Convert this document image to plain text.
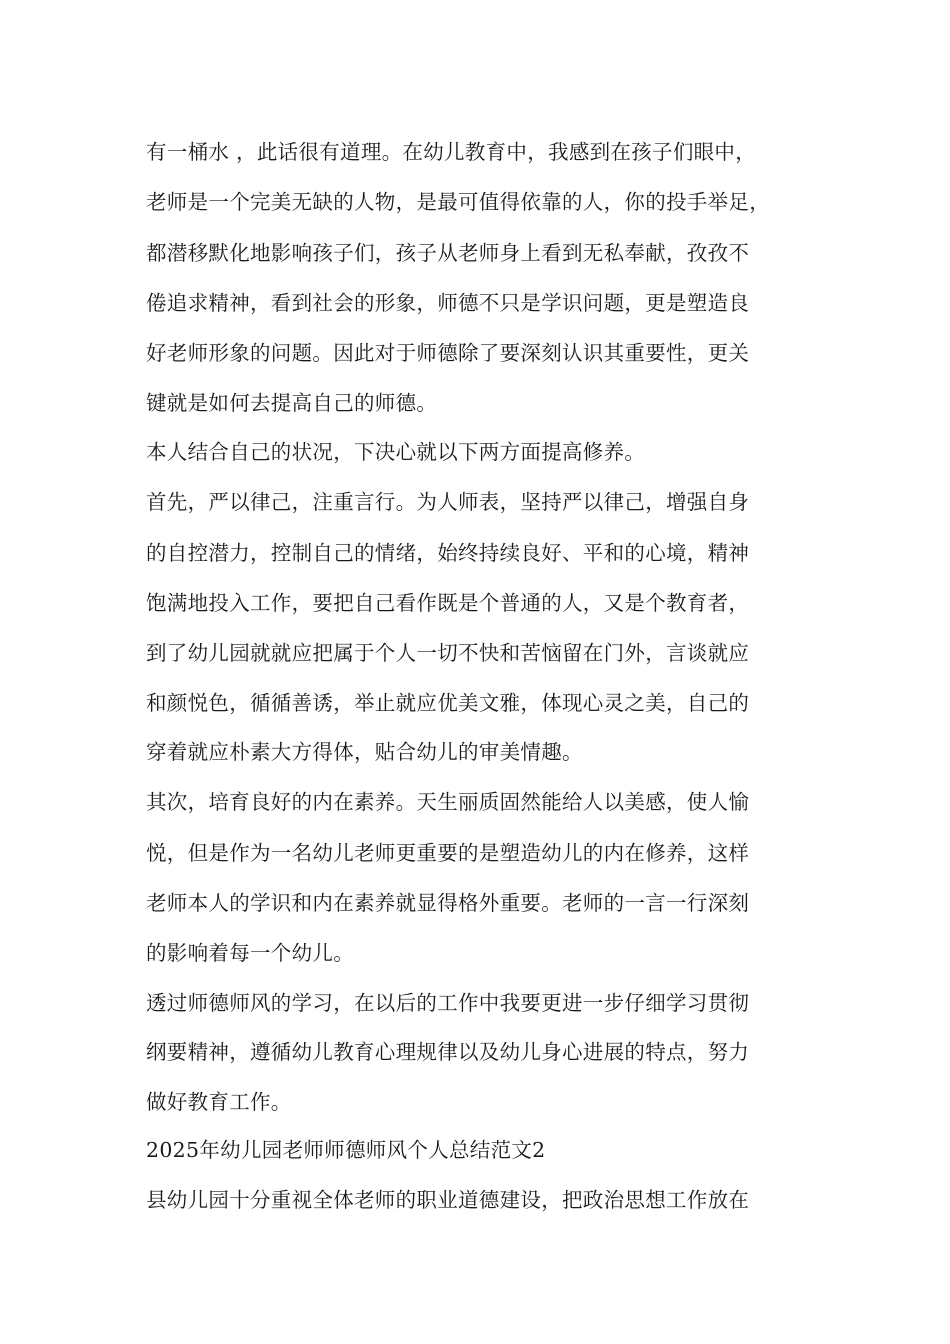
有一桶水 ，此话很有道理。在幼儿教育中，我感到在孩子们眼中，
老师是一个完美无缺的人物，是最可值得依靠的人，你的投手举足，
都潜移默化地影响孩子们，孩子从老师身上看到无私奉献，孜孜不
倦追求精神，看到社会的形象，师德不只是学识问题，更是塑造良
好老师形象的问题。因此对于师德除了要深刻认识其重要性，更关
键就是如何去提高自己的师德。
本人结合自己的状况，下决心就以下两方面提高修养。
首先，严以律己，注重言行。为人师表，坚持严以律己，增强自身
的自控潜力，控制自己的情绪，始终持续良好、平和的心境，精神
饱满地投入工作，要把自己看作既是个普通的人，又是个教育者，
到了幼儿园就就应把属于个人一切不快和苦恼留在门外，言谈就应
和颜悦色，循循善诱，举止就应优美文雅，体现心灵之美，自己的
穿着就应朴素大方得体，贴合幼儿的审美情趣。
其次，培育良好的内在素养。天生丽质固然能给人以美感，使人愉
悦，但是作为一名幼儿老师更重要的是塑造幼儿的内在修养，这样
老师本人的学识和内在素养就显得格外重要。老师的一言一行深刻
的影响着每一个幼儿。
透过师德师风的学习，在以后的工作中我要更进一步仔细学习贯彻
纲要精神，遵循幼儿教育心理规律以及幼儿身心进展的特点，努力
做好教育工作。
2025年幼儿园老师师德师风个人总结范文2
县幼儿园十分重视全体老师的职业道德建设，把政治思想工作放在
